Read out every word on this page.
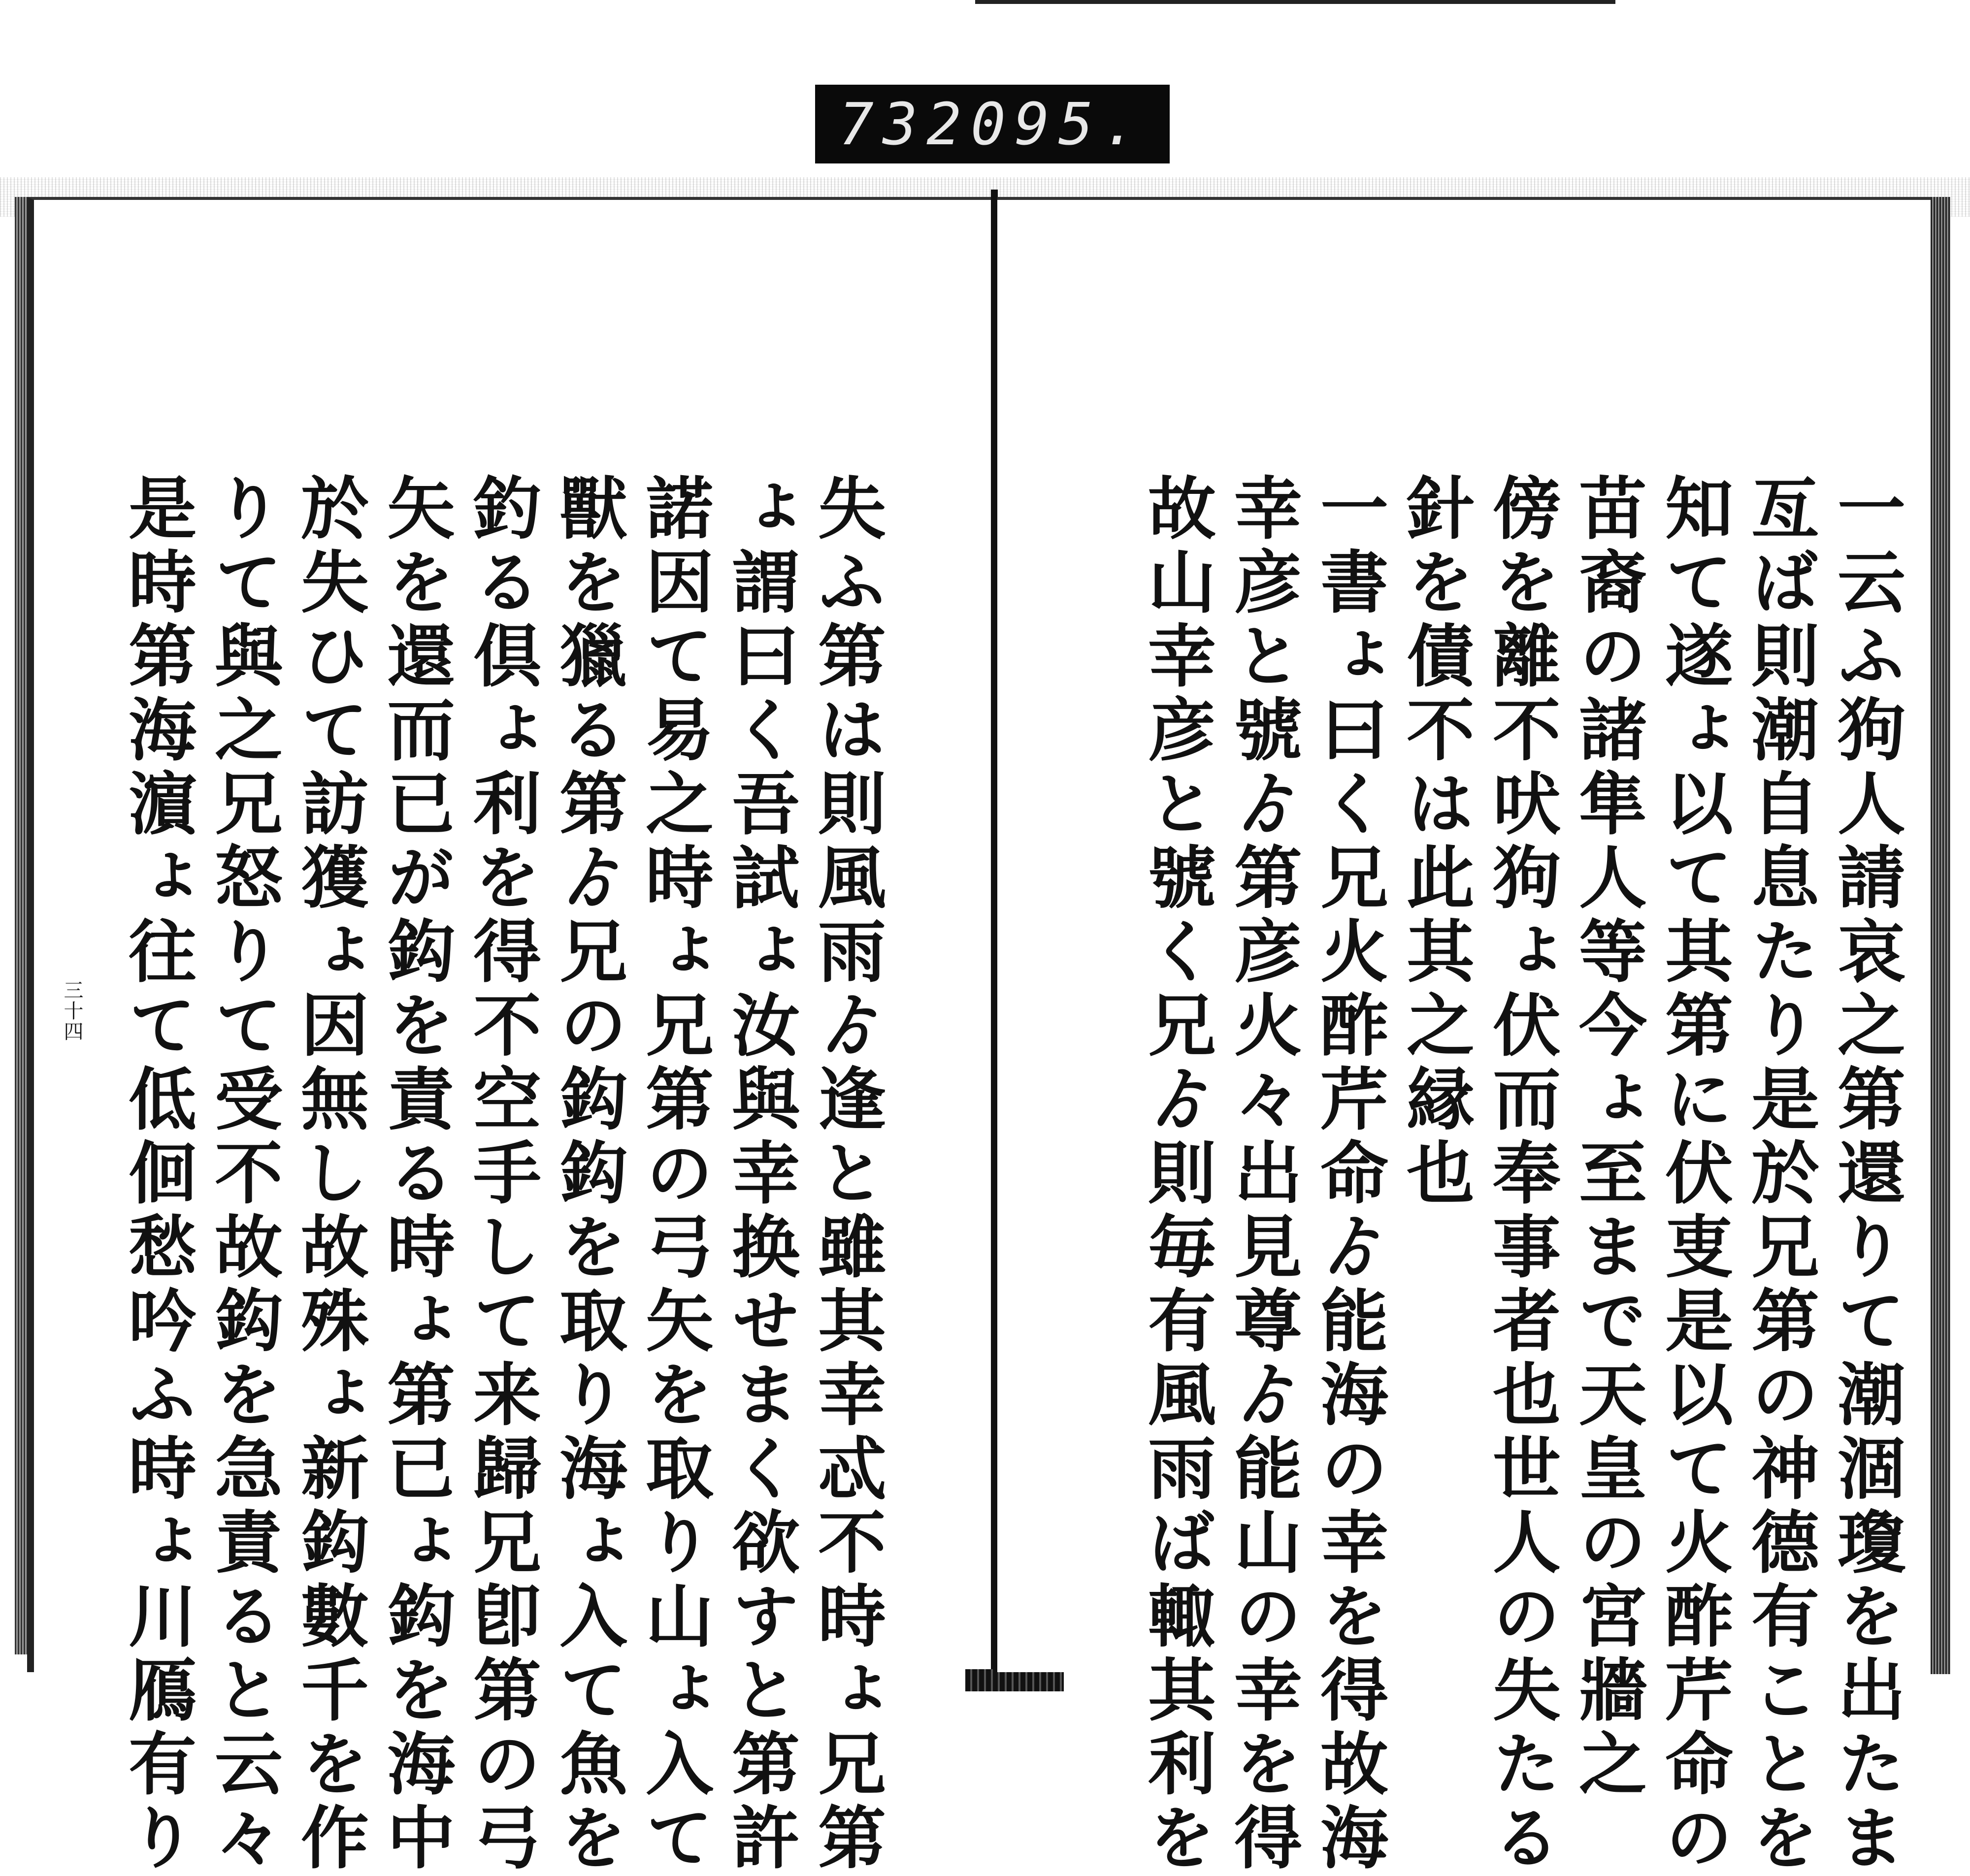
732 095.
一云ふ狗人請哀之第還りて潮涸瓊を出たま
亙ば則潮自息たり是於兄第の神德有ことを
知て遂ょ以て其第に伏叓是以て火酢芹命の
苗裔の諸‍隼人等今ょ至まで天皇の宮牆之
傍を離不吠狗ょ伏而奉事者也世人の失たる
針を債不は此其之縁也
一書ょ曰く兄火酢芹命ゟ能海の幸を得故海
幸彦と號ゟ第彦火々出見尊ゟ能山の幸を得
故山幸彦と號く兄ゟ則毎有風雨ば輙其利を
失ふ第は則風雨ゟ逢と雖其幸忒不時ょ兄第
ょ謂曰く吾試ょ汝與幸换せまく欲すと第許
諾因て易之時ょ兄第の弓矢を取り山ょ入て
獸を獵る第ゟ兄の鈎鈎を取り海ょ入て魚を
釣る倶ょ利を得不空手して来歸兄卽第の弓
矢を還而已が鈎を責る時ょ第已ょ鈎を海中
於失ひて訪獲ょ因無し故殊ょ新鈎數千を作
りて與之兄怒りて受不故鈎を急責ると云々
是時第海濵ょ往て低佪愁吟ふ時ょ川鴈有り
三十四
